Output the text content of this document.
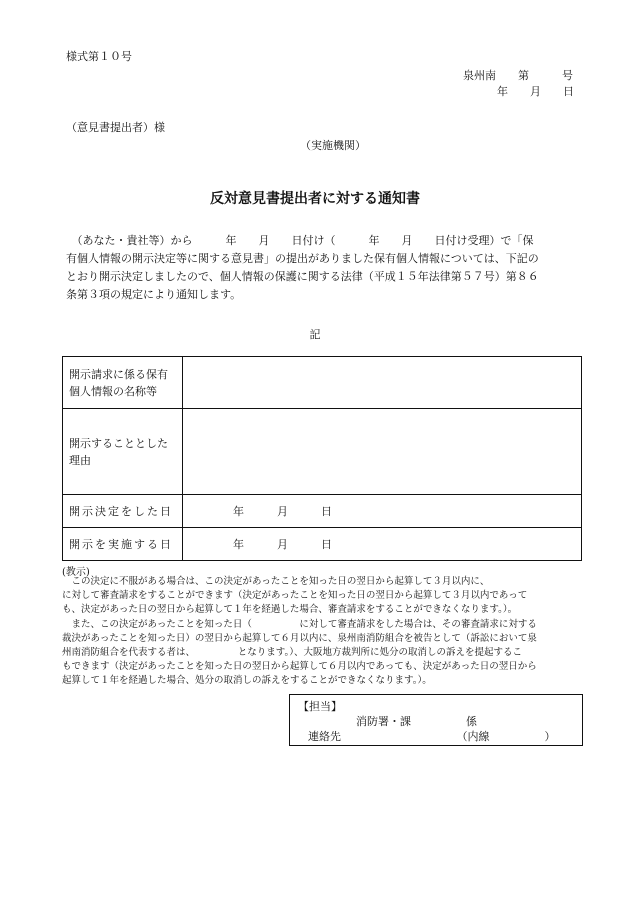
様式第１０号
泉州南　　第　　　号
年　　月　　日
（意見書提出者）様
（実施機関）
反対意見書提出者に対する通知書
　（あなた・貴社等）から　　　年　　月　　日付け（　　　年　　月　　日付け受理）で「保
有個人情報の開示決定等に関する意見書」の提出がありました保有個人情報については、下記の
とおり開示決定しましたので、個人情報の保護に関する法律（平成１５年法律第５７号）第８６
条第３項の規定により通知します。
記
開示請求に係る保有
個人情報の名称等	

開示することとした
理由	

開示決定をした日	年　　　月　　　日
開示を実施する日	年　　　月　　　日
(教示)
　この決定に不服がある場合は、この決定があったことを知った日の翌日から起算して３月以内に、
に対して審査請求をすることができます（決定があったことを知った日の翌日から起算して３月以内であって
も、決定があった日の翌日から起算して１年を経過した場合、審査請求をすることができなくなります。）。
　また、この決定があったことを知った日（　　　　　に対して審査請求をした場合は、その審査請求に対する
裁決があったことを知った日）の翌日から起算して６月以内に、泉州南消防組合を被告として（訴訟において泉
州南消防組合を代表する者は、　　　　　となります。）、大阪地方裁判所に処分の取消しの訴えを提起するこ
もできます（決定があったことを知った日の翌日から起算して６月以内であっても、決定があった日の翌日から
起算して１年を経過した場合、処分の取消しの訴えをすることができなくなります。）。
【担当】
消防署・課　　　　　係
連絡先　　　　　　　　　　　（内線　　　　　）
